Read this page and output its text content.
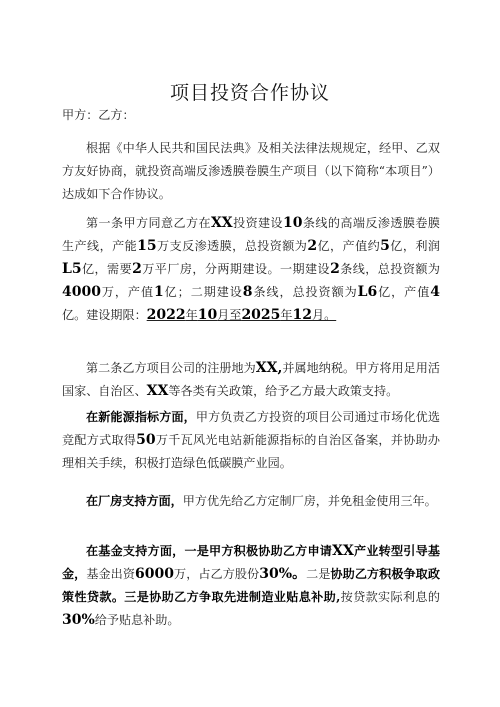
项目投资合作协议
甲方：乙方：
根据《中华人民共和国民法典》及相关法律法规规定，经甲、乙双方友好协商，就投资高端反渗透膜卷膜生产项目（以下简称“本项目”）达成如下合作协议。
第一条甲方同意乙方在XX投资建设10条线的高端反渗透膜卷膜生产线，产能15万支反渗透膜，总投资额为2亿，产值约5亿，利润L5亿，需要2万平厂房，分两期建设。一期建设2条线，总投资额为4000万，产值1亿；二期建设8条线，总投资额为L6亿，产值4亿。建设期限：2022年10月至2025年12月。
第二条乙方项目公司的注册地为XX,并属地纳税。甲方将用足用活国家、自治区、XX等各类有关政策，给予乙方最大政策支持。
在新能源指标方面，甲方负责乙方投资的项目公司通过市场化优选竞配方式取得50万千瓦风光电站新能源指标的自治区备案，并协助办理相关手续，积极打造绿色低碳膜产业园。
在厂房支持方面，甲方优先给乙方定制厂房，并免租金使用三年。
在基金支持方面，一是甲方积极协助乙方申请XX产业转型引导基金，基金出资6000万，占乙方股份30%。二是协助乙方积极争取政策性贷款。三是协助乙方争取先进制造业贴息补助,按贷款实际利息的30%给予贴息补助。
